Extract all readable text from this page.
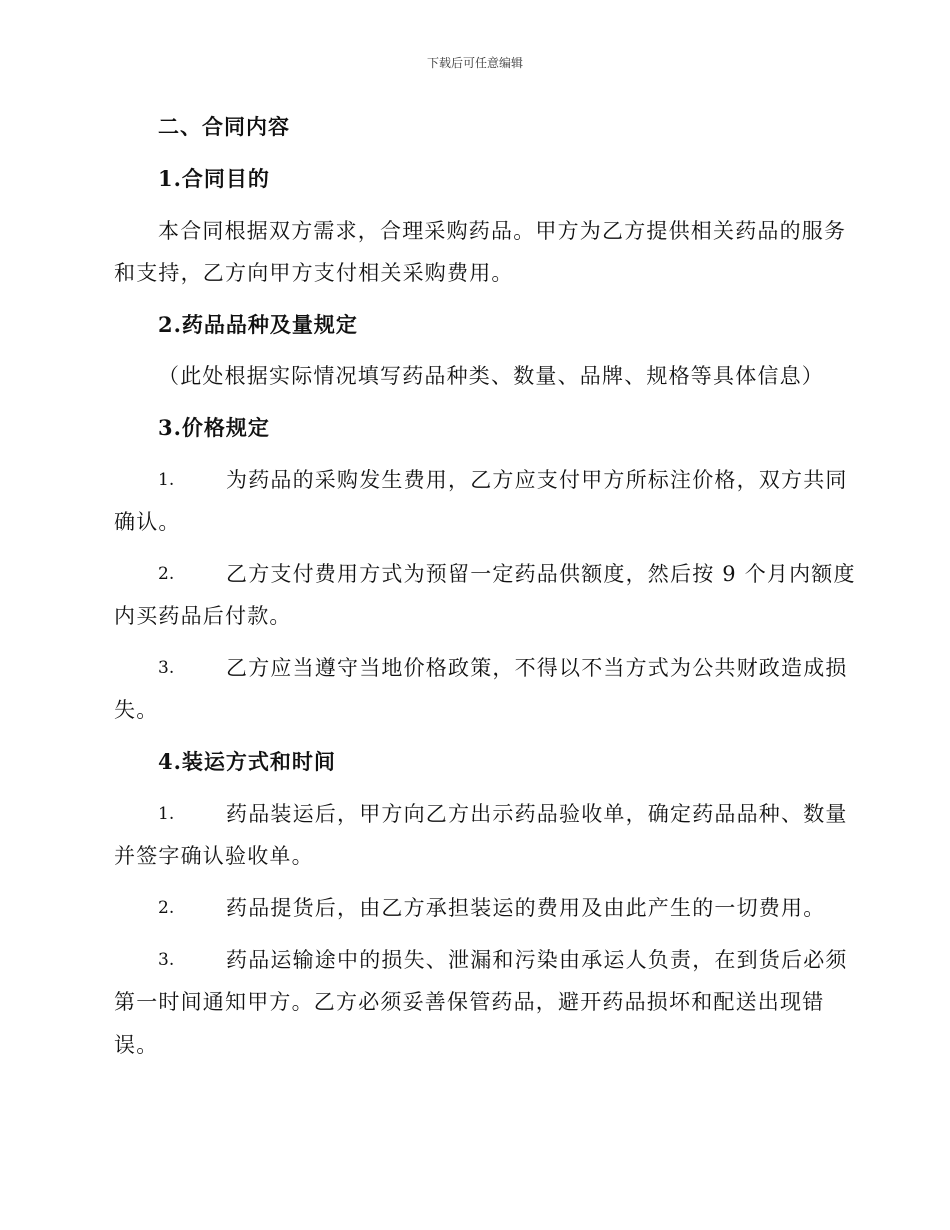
下载后可任意编辑
二、合同内容
1.合同目的
本合同根据双方需求，合理采购药品。甲方为乙方提供相关药品的服务
和支持，乙方向甲方支付相关采购费用。
2.药品品种及量规定
（此处根据实际情况填写药品种类、数量、品牌、规格等具体信息）
3.价格规定
1. 为药品的采购发生费用，乙方应支付甲方所标注价格，双方共同
确认。
2. 乙方支付费用方式为预留一定药品供额度，然后按 9 个月内额度
内买药品后付款。
3. 乙方应当遵守当地价格政策，不得以不当方式为公共财政造成损
失。
4.装运方式和时间
1. 药品装运后，甲方向乙方出示药品验收单，确定药品品种、数量
并签字确认验收单。
2. 药品提货后，由乙方承担装运的费用及由此产生的一切费用。
3. 药品运输途中的损失、泄漏和污染由承运人负责，在到货后必须
第一时间通知甲方。乙方必须妥善保管药品，避开药品损坏和配送出现错
误。
